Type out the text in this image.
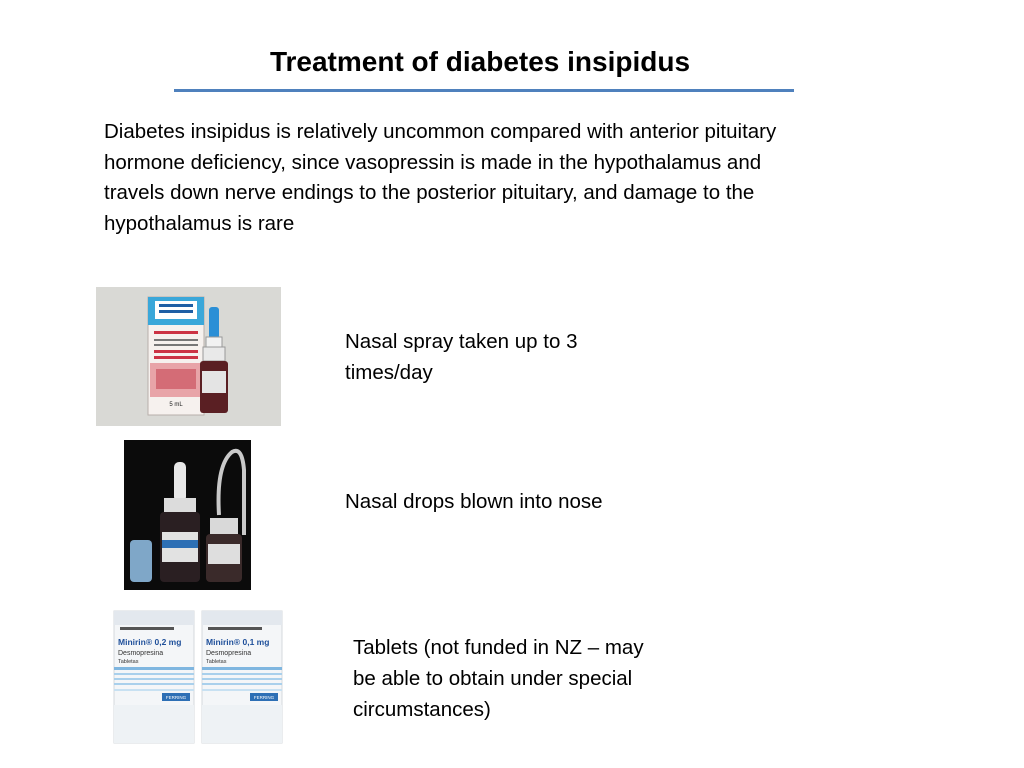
Treatment of diabetes insipidus
Diabetes insipidus is relatively uncommon compared with anterior pituitary hormone deficiency, since vasopressin is made in the hypothalamus and travels down nerve endings to the posterior pituitary, and damage to the hypothalamus is rare
5 mL
Nasal spray taken up to 3 times/day
Nasal drops blown into nose
Minirin® 0,2 mg
Desmopresina
Tabletas
FERRING
Minirin® 0,1 mg
Desmopresina
Tabletas
FERRING
Tablets (not funded in NZ – may be able to obtain under special circumstances)
